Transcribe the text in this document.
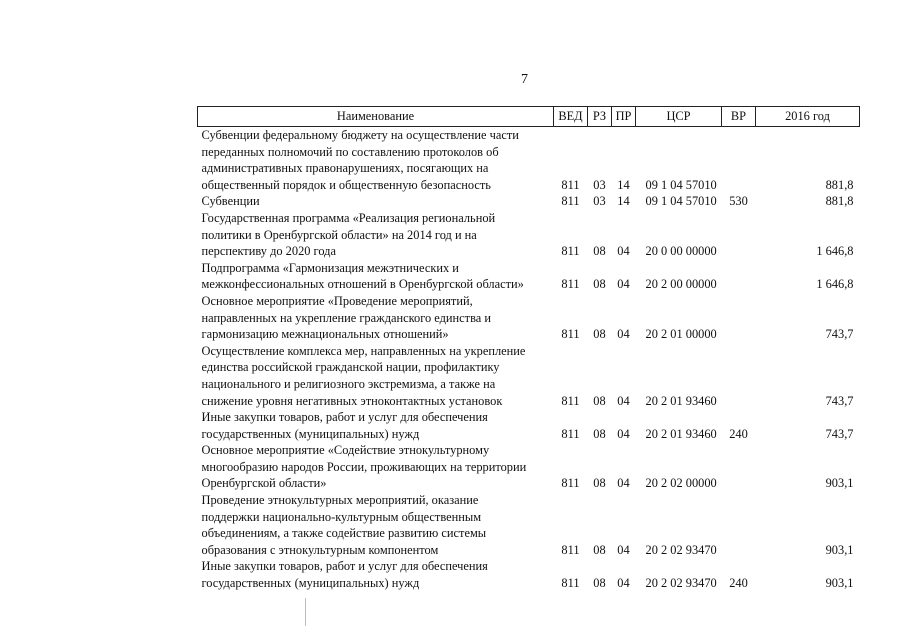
7
Наименование	ВЕД	РЗ	ПР	ЦСР	ВР	2016 год
Субвенции федеральному бюджету на осуществление части
переданных полномочий по составлению протоколов об
административных правонарушениях, посягающих на
общественный порядок и общественную безопасность	811	03	14	09 1 04 57010		881,8
Субвенции	811	03	14	09 1 04 57010	530	881,8
Государственная программа «Реализация региональной
политики в Оренбургской области» на 2014 год и на
перспективу до 2020 года	811	08	04	20 0 00 00000		1 646,8
Подпрограмма «Гармонизация межэтнических и
межконфессиональных отношений в Оренбургской области»	811	08	04	20 2 00 00000		1 646,8
Основное мероприятие «Проведение мероприятий,
направленных на укрепление гражданского единства и
гармонизацию межнациональных отношений»	811	08	04	20 2 01 00000		743,7
Осуществление комплекса мер, направленных на укрепление
единства российской гражданской нации, профилактику
национального и религиозного экстремизма, а также на
снижение уровня негативных этноконтактных установок	811	08	04	20 2 01 93460		743,7
Иные закупки товаров, работ и услуг для обеспечения
государственных (муниципальных) нужд	811	08	04	20 2 01 93460	240	743,7
Основное мероприятие «Содействие этнокультурному
многообразию народов России, проживающих на территории
Оренбургской области»	811	08	04	20 2 02 00000		903,1
Проведение этнокультурных мероприятий, оказание
поддержки национально-культурным общественным
объединениям, а также содействие развитию системы
образования с этнокультурным компонентом	811	08	04	20 2 02 93470		903,1
Иные закупки товаров, работ и услуг для обеспечения
государственных (муниципальных) нужд	811	08	04	20 2 02 93470	240	903,1
